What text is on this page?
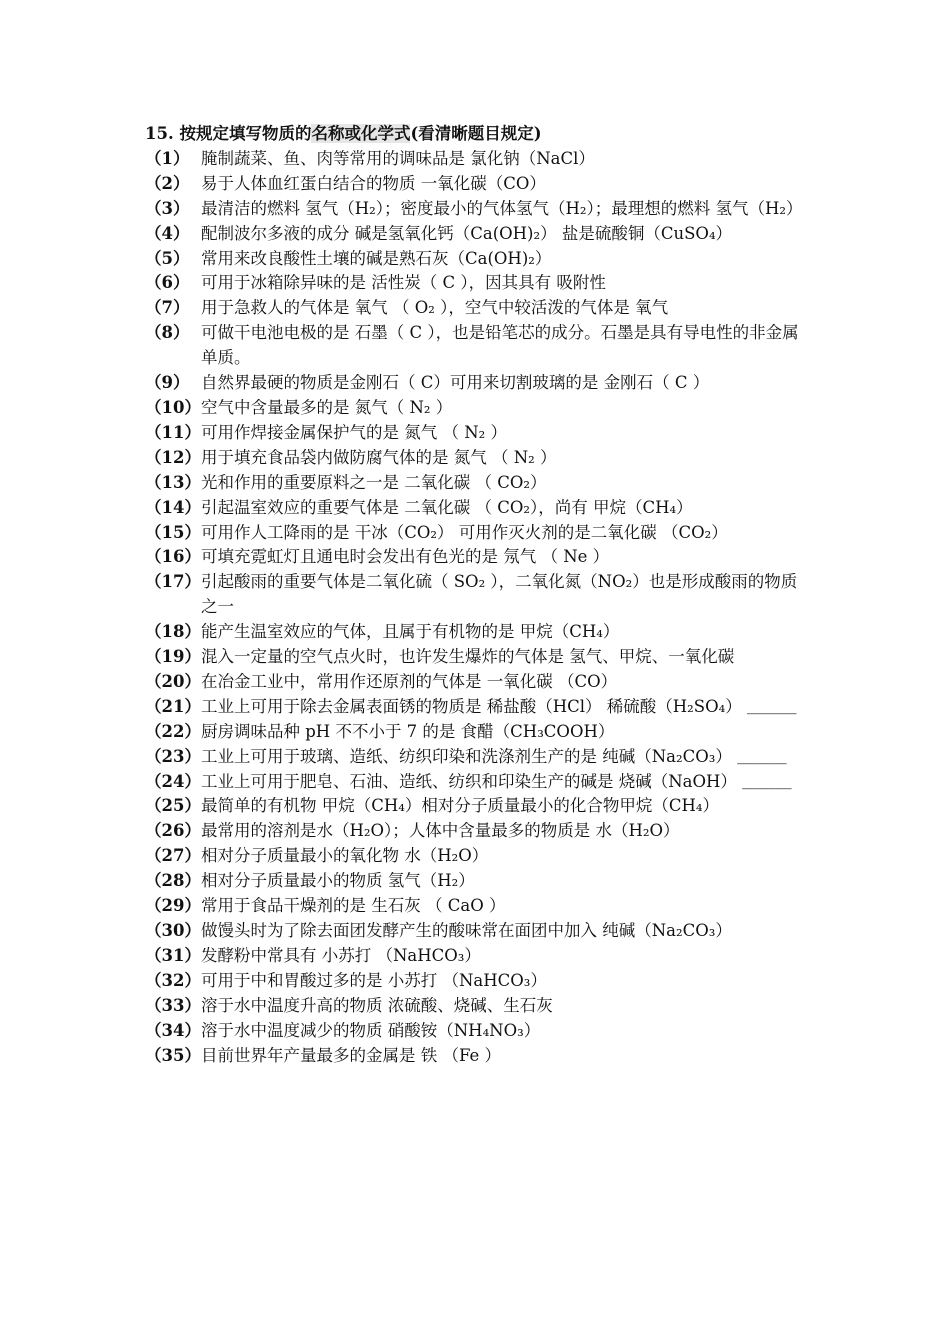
15. 按规定填写物质的名称或化学式(看清晰题目规定)
（1） 腌制蔬菜、鱼、肉等常用的调味品是 氯化钠（NaCl）
（2） 易于人体血红蛋白结合的物质 一氧化碳（CO）
（3） 最清洁的燃料 氢气（H₂）；密度最小的气体氢气（H₂）；最理想的燃料 氢气（H₂）
（4） 配制波尔多液的成分 碱是氢氧化钙（Ca(OH)₂） 盐是硫酸铜（CuSO₄）
（5） 常用来改良酸性土壤的碱是熟石灰（Ca(OH)₂）
（6） 可用于冰箱除异味的是 活性炭（ C ），因其具有 吸附性
（7） 用于急救人的气体是 氧气 （ O₂ ），空气中较活泼的气体是 氧气
（8） 可做干电池电极的是 石墨（ C ），也是铅笔芯的成分。石墨是具有导电性的非金属单质。
（9） 自然界最硬的物质是金刚石（ C）可用来切割玻璃的是 金刚石（ C ）
（10） 空气中含量最多的是 氮气（ N₂ ）
（11） 可用作焊接金属保护气的是 氮气 （ N₂ ）
（12） 用于填充食品袋内做防腐气体的是 氮气 （ N₂ ）
（13） 光和作用的重要原料之一是 二氧化碳 （ CO₂）
（14） 引起温室效应的重要气体是 二氧化碳 （ CO₂），尚有 甲烷（CH₄）
（15） 可用作人工降雨的是 干冰（CO₂） 可用作灭火剂的是二氧化碳 （CO₂）
（16） 可填充霓虹灯且通电时会发出有色光的是 氖气 （ Ne ）
（17） 引起酸雨的重要气体是二氧化硫（ SO₂ ），二氧化氮（NO₂）也是形成酸雨的物质之一
（18） 能产生温室效应的气体，且属于有机物的是 甲烷（CH₄）
（19） 混入一定量的空气点火时，也许发生爆炸的气体是 氢气、甲烷、一氧化碳
（20） 在冶金工业中，常用作还原剂的气体是 一氧化碳 （CO）
（21） 工业上可用于除去金属表面锈的物质是 稀盐酸（HCl） 稀硫酸（H₂SO₄） ＿＿＿
（22） 厨房调味品种 pH 不不小于 7 的是 食醋（CH₃COOH）
（23） 工业上可用于玻璃、造纸、纺织印染和洗涤剂生产的是 纯碱（Na₂CO₃） ＿＿＿
（24） 工业上可用于肥皂、石油、造纸、纺织和印染生产的碱是 烧碱（NaOH） ＿＿＿
（25） 最简单的有机物 甲烷（CH₄）相对分子质量最小的化合物甲烷（CH₄）
（26） 最常用的溶剂是水（H₂O）；人体中含量最多的物质是 水（H₂O）
（27） 相对分子质量最小的氧化物 水（H₂O）
（28） 相对分子质量最小的物质 氢气（H₂）
（29） 常用于食品干燥剂的是 生石灰 （ CaO ）
（30） 做馒头时为了除去面团发酵产生的酸味常在面团中加入 纯碱（Na₂CO₃）
（31） 发酵粉中常具有 小苏打 （NaHCO₃）
（32） 可用于中和胃酸过多的是 小苏打 （NaHCO₃）
（33） 溶于水中温度升高的物质 浓硫酸、烧碱、生石灰
（34） 溶于水中温度减少的物质 硝酸铵（NH₄NO₃）
（35） 目前世界年产量最多的金属是 铁 （Fe ）
